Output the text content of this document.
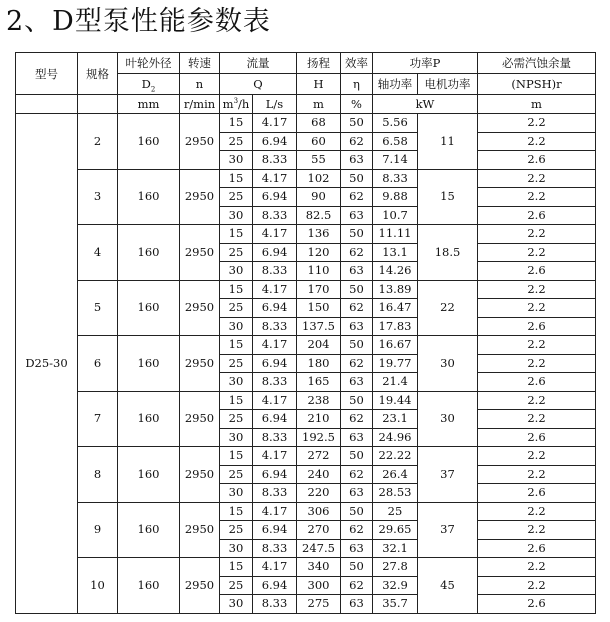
2、D型泵性能参数表
型号	规格	叶轮外径	转速	流量		扬程	效率	功率P		必需汽蚀余量
		$D_2$	n	Q		H	η	轴功率	电机功率	(NPSH)r
		mm	r/min	$m^3/h$	L/s	m	%	kW		m
D25-30	2	160	2950	15	4.17	68	50	5.56	11	2.2
				25	6.94	60	62	6.58		2.2
				30	8.33	55	63	7.14		2.6
	3	160	2950	15	4.17	102	50	8.33	15	2.2
				25	6.94	90	62	9.88		2.2
				30	8.33	82.5	63	10.7		2.6
	4	160	2950	15	4.17	136	50	11.11	18.5	2.2
				25	6.94	120	62	13.1		2.2
				30	8.33	110	63	14.26		2.6
	5	160	2950	15	4.17	170	50	13.89	22	2.2
				25	6.94	150	62	16.47		2.2
				30	8.33	137.5	63	17.83		2.6
	6	160	2950	15	4.17	204	50	16.67	30	2.2
				25	6.94	180	62	19.77		2.2
				30	8.33	165	63	21.4		2.6
	7	160	2950	15	4.17	238	50	19.44	30	2.2
				25	6.94	210	62	23.1		2.2
				30	8.33	192.5	63	24.96		2.6
	8	160	2950	15	4.17	272	50	22.22	37	2.2
				25	6.94	240	62	26.4		2.2
				30	8.33	220	63	28.53		2.6
	9	160	2950	15	4.17	306	50	25	37	2.2
				25	6.94	270	62	29.65		2.2
				30	8.33	247.5	63	32.1		2.6
	10	160	2950	15	4.17	340	50	27.8	45	2.2
				25	6.94	300	62	32.9		2.2
				30	8.33	275	63	35.7		2.6
